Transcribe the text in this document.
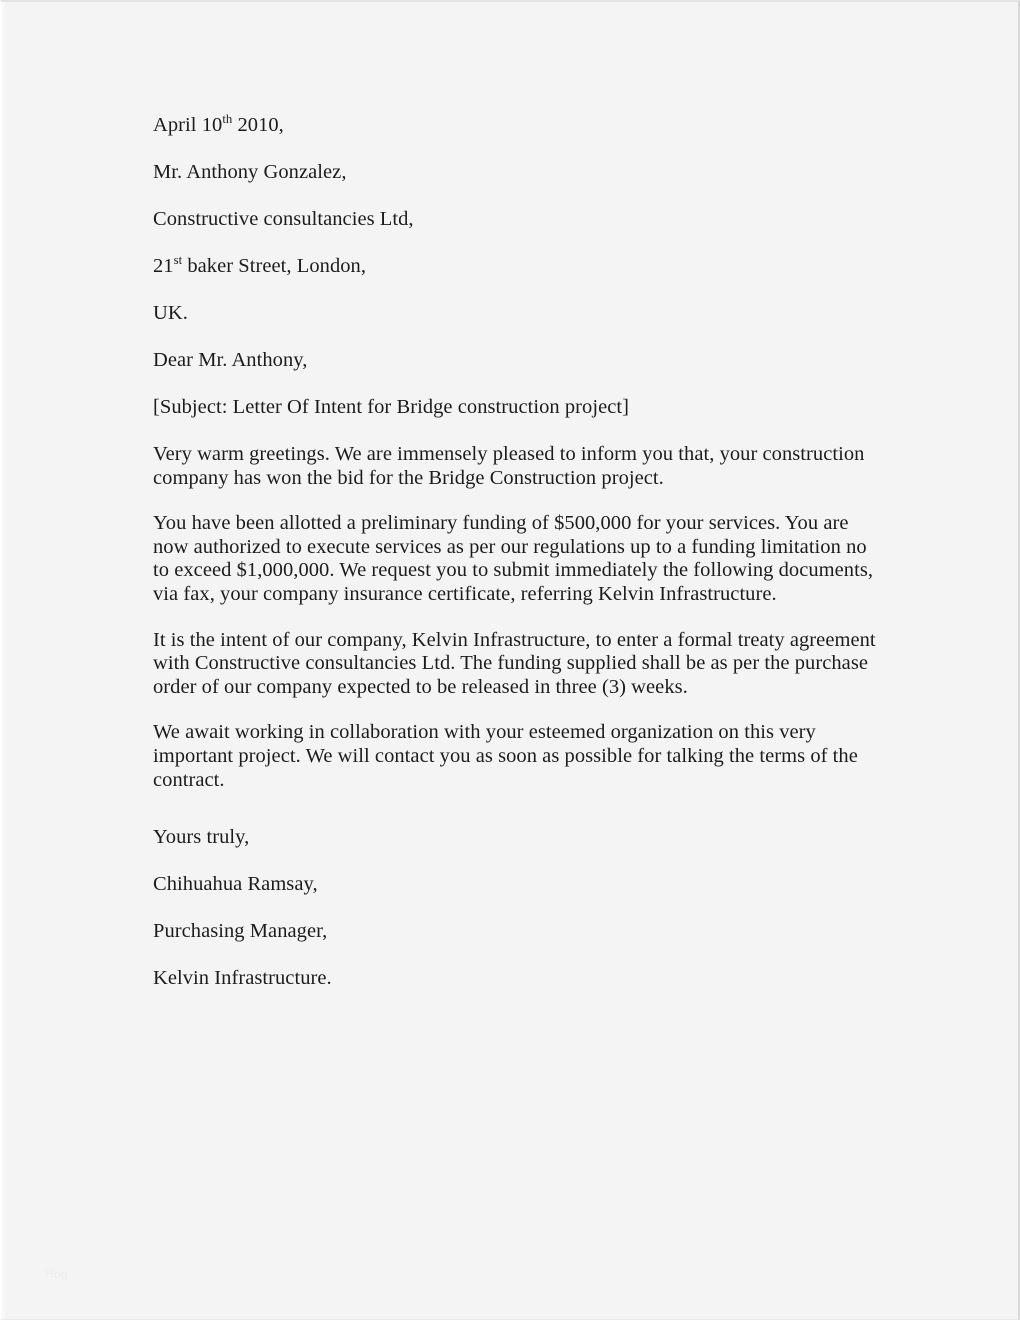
April 10th 2010,

Mr. Anthony Gonzalez,

Constructive consultancies Ltd,

21st baker Street, London,

UK.

Dear Mr. Anthony,

[Subject: Letter Of Intent for Bridge construction project]

Very warm greetings. We are immensely pleased to inform you that, your construction company has won the bid for the Bridge Construction project.

You have been allotted a preliminary funding of $500,000 for your services. You are now authorized to execute services as per our regulations up to a funding limitation no to exceed $1,000,000. We request you to submit immediately the following documents, via fax, your company insurance certificate, referring Kelvin Infrastructure.

It is the intent of our company, Kelvin Infrastructure, to enter a formal treaty agreement with Constructive consultancies Ltd. The funding supplied shall be as per the purchase order of our company expected to be released in three (3) weeks.

We await working in collaboration with your esteemed organization on this very important project. We will contact you as soon as possible for talking the terms of the contract.

Yours truly,

Chihuahua Ramsay,

Purchasing Manager,

Kelvin Infrastructure.

Hog
